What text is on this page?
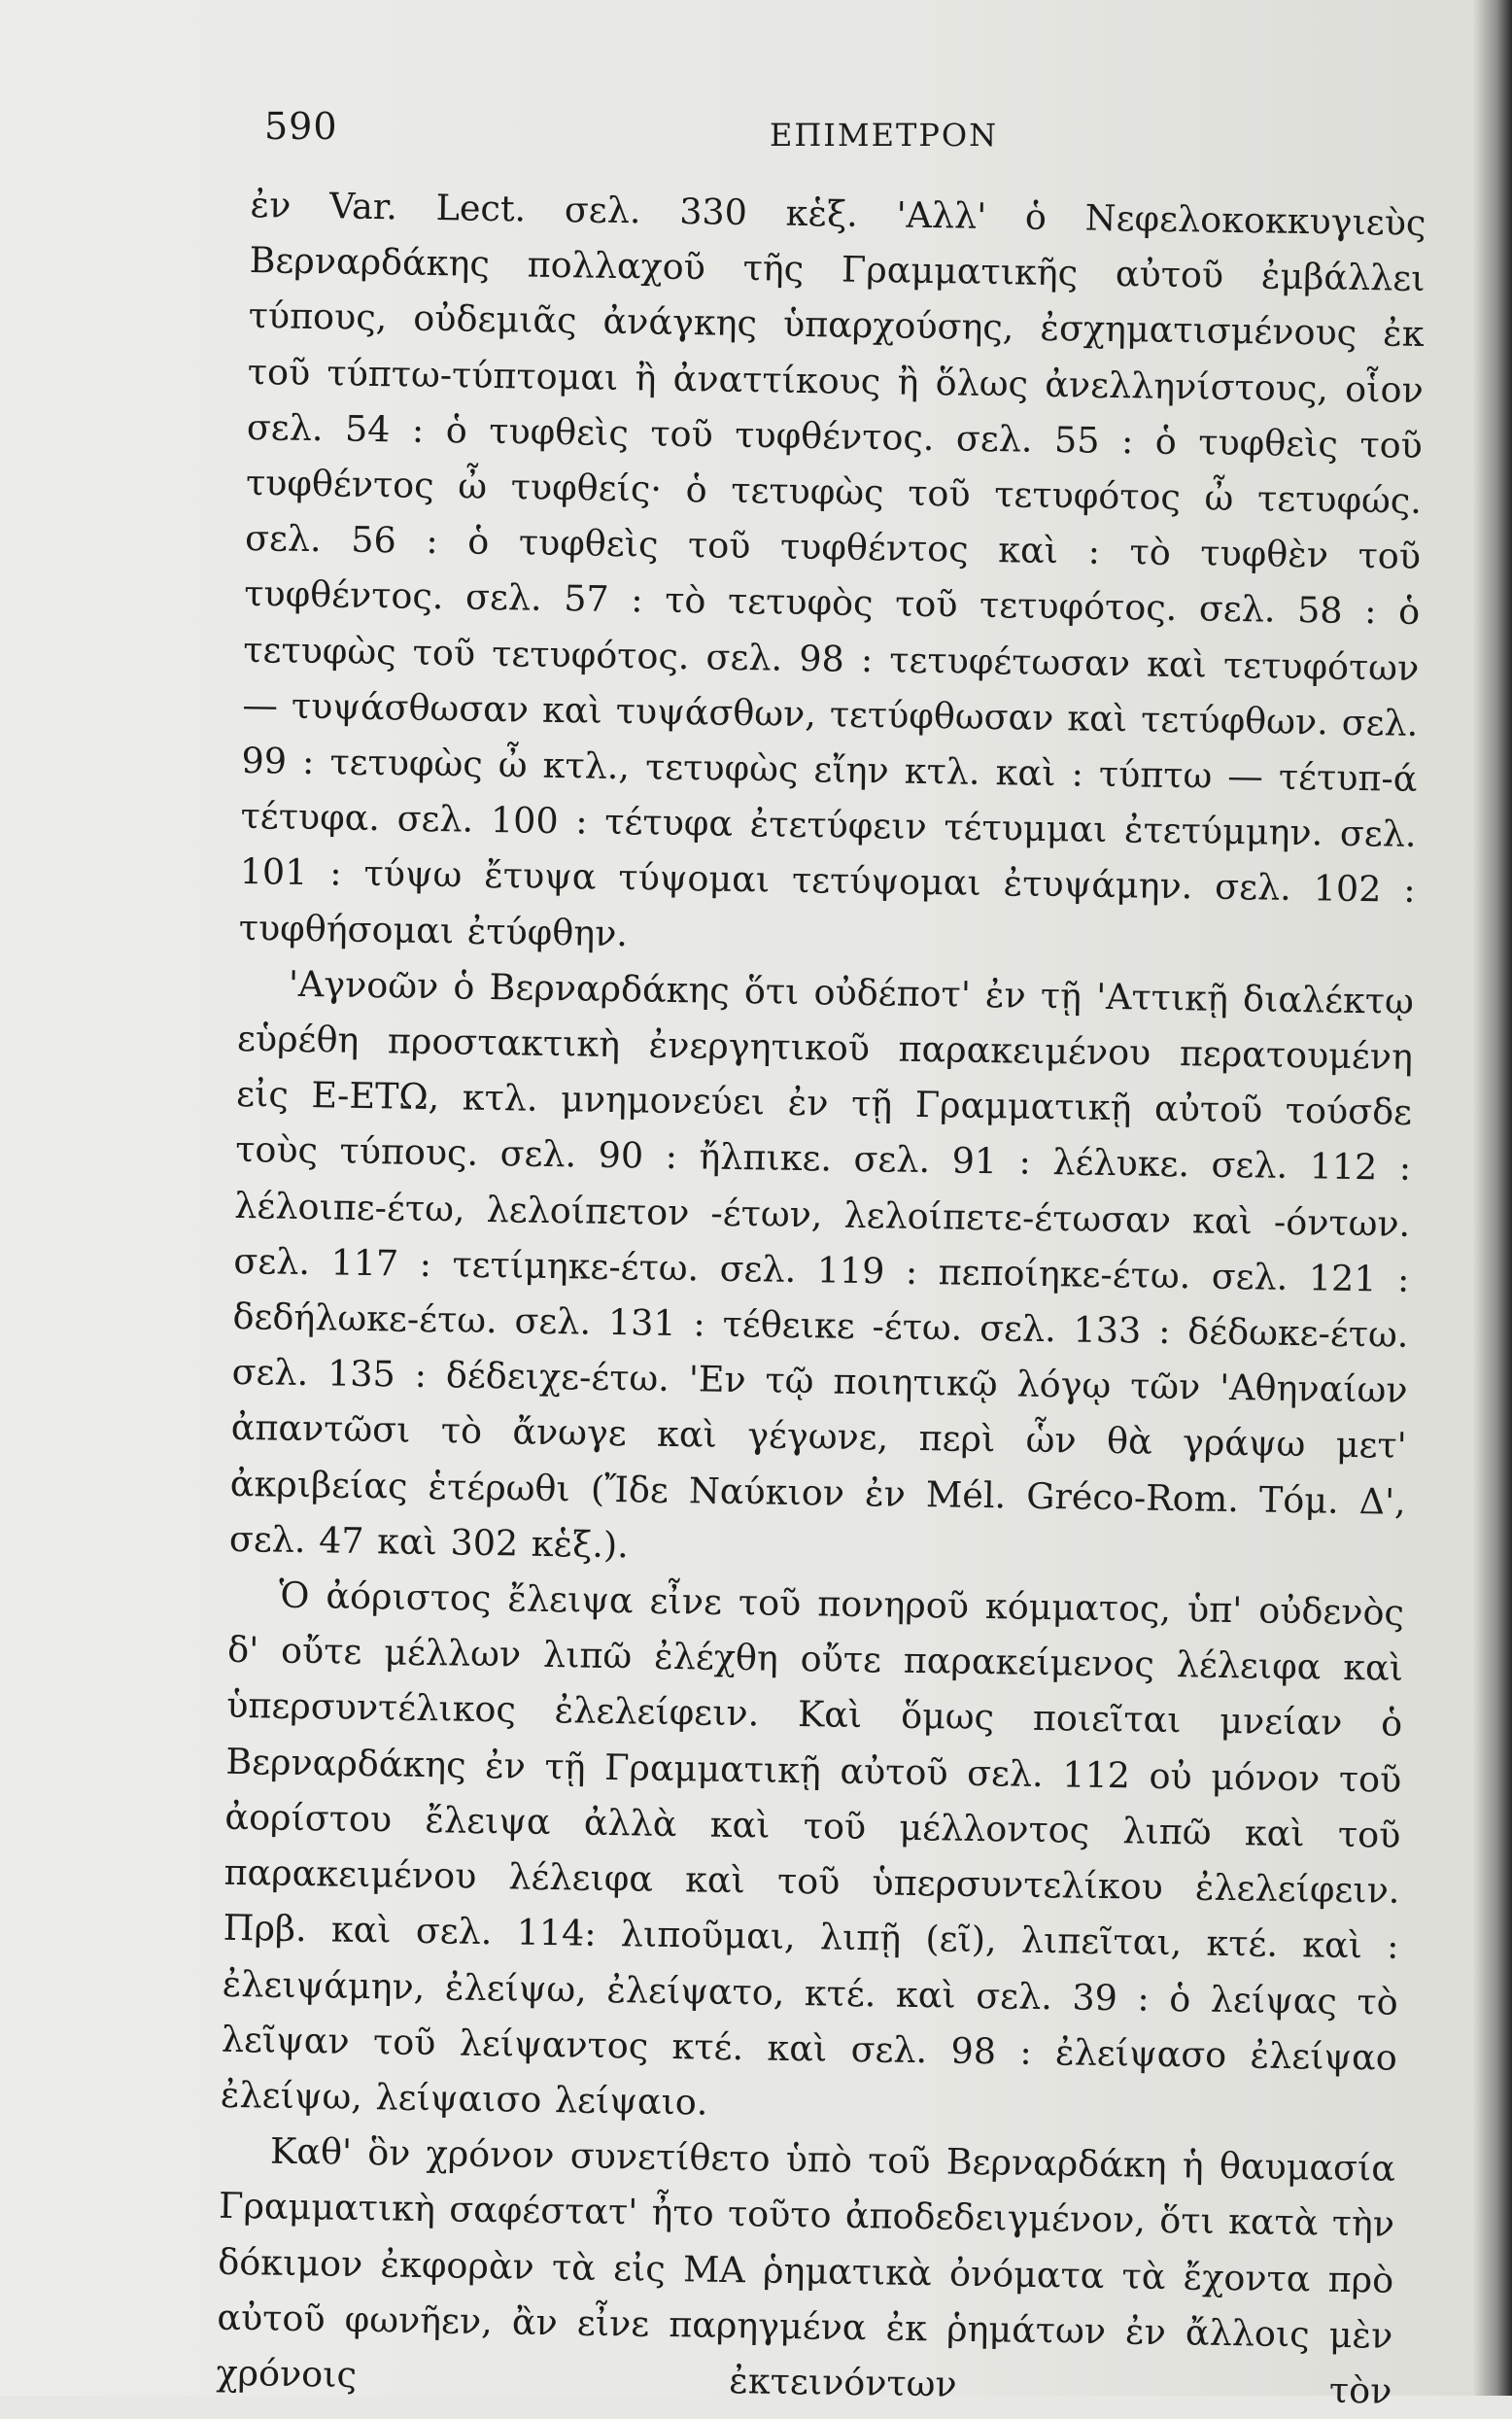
590	ΕΠΙΜΕΤΡΟΝ

ἐν Var. Lect. σελ. 330 κἑξ. 'Αλλ' ὁ Νεφελοκοκκυγιεὺς Βερναρδάκης πολλαχοῦ τῆς Γραμματικῆς αὐτοῦ ἐμβάλλει τύπους, οὐδεμιᾶς ἀνάγκης ὑπαρχούσης, ἐσχηματισμένους ἐκ τοῦ τύπτω-τύπτομαι ἢ ἀναττίκους ἢ ὅλως ἀνελληνίστους, οἷον σελ. 54 : ὁ τυφθεὶς τοῦ τυφθέντος. σελ. 55 : ὁ τυφθεὶς τοῦ τυφθέντος ὦ τυφθείς· ὁ τετυφὼς τοῦ τετυφότος ὦ τετυφώς. σελ. 56 : ὁ τυφθεὶς τοῦ τυφθέντος καὶ : τὸ τυφθὲν τοῦ τυφθέντος. σελ. 57 : τὸ τετυφὸς τοῦ τετυφότος. σελ. 58 : ὁ τετυφὼς τοῦ τετυφότος. σελ. 98 : τετυφέτωσαν καὶ τετυφότων — τυψάσθωσαν καὶ τυψάσθων, τετύφθωσαν καὶ τετύφθων. σελ. 99 : τετυφὼς ὦ κτλ., τετυφὼς εἴην κτλ. καὶ : τύπτω — τέτυπ-ά τέτυφα. σελ. 100 : τέτυφα ἐτετύφειν τέτυμμαι ἐτετύμμην. σελ. 101 : τύψω ἔτυψα τύψομαι τετύψομαι ἐτυψάμην. σελ. 102 : τυφθήσομαι ἐτύφθην.

'Αγνοῶν ὁ Βερναρδάκης ὅτι οὐδέποτ' ἐν τῇ 'Αττικῇ διαλέκτῳ εὑρέθη προστακτικὴ ἐνεργητικοῦ παρακειμένου περατουμένη εἰς Ε-ΕΤΩ, κτλ. μνημονεύει ἐν τῇ Γραμματικῇ αὐτοῦ τούσδε τοὺς τύπους. σελ. 90 : ἤλπικε. σελ. 91 : λέλυκε. σελ. 112 : λέλοιπε-έτω, λελοίπετον -έτων, λελοίπετε-έτωσαν καὶ -όντων. σελ. 117 : τετίμηκε-έτω. σελ. 119 : πεποίηκε-έτω. σελ. 121 : δεδήλωκε-έτω. σελ. 131 : τέθεικε -έτω. σελ. 133 : δέδωκε-έτω. σελ. 135 : δέδειχε-έτω. 'Εν τῷ ποιητικῷ λόγῳ τῶν 'Αθηναίων ἀπαντῶσι τὸ ἄνωγε καὶ γέγωνε, περὶ ὧν θὰ γράψω μετ' ἀκριβείας ἑτέρωθι (Ἴδε Ναύκιον ἐν Mél. Gréco-Rom. Τόμ. Δ', σελ. 47 καὶ 302 κἑξ.).

Ὁ ἀόριστος ἔλειψα εἶνε τοῦ πονηροῦ κόμματος, ὑπ' οὐδενὸς δ' οὔτε μέλλων λιπῶ ἐλέχθη οὔτε παρακείμενος λέλειφα καὶ ὑπερσυντέλικος ἐλελείφειν. Καὶ ὅμως ποιεῖται μνείαν ὁ Βερναρδάκης ἐν τῇ Γραμματικῇ αὐτοῦ σελ. 112 οὐ μόνον τοῦ ἀορίστου ἔλειψα ἀλλὰ καὶ τοῦ μέλλοντος λιπῶ καὶ τοῦ παρακειμένου λέλειφα καὶ τοῦ ὑπερσυντελίκου ἐλελείφειν. Πρβ. καὶ σελ. 114: λιποῦμαι, λιπῇ (εῖ), λιπεῖται, κτέ. καὶ : ἐλειψάμην, ἐλείψω, ἐλείψατο, κτέ. καὶ σελ. 39 : ὁ λείψας τὸ λεῖψαν τοῦ λείψαντος κτέ. καὶ σελ. 98 : ἐλείψασο ἐλείψαο ἐλείψω, λείψαισο λείψαιο.

Καθ' ὃν χρόνον συνετίθετο ὑπὸ τοῦ Βερναρδάκη ἡ θαυμασία Γραμματικὴ σαφέστατ' ἦτο τοῦτο ἀποδεδειγμένον, ὅτι κατὰ τὴν δόκιμον ἐκφορὰν τὰ εἰς ΜΑ ῥηματικὰ ὀνόματα τὰ ἔχοντα πρὸ αὐτοῦ φωνῆεν, ἂν εἶνε παρηγμένα ἐκ ῥημάτων ἐν ἄλλοις μὲν χρόνοις ἐκτεινόντων τὸν
